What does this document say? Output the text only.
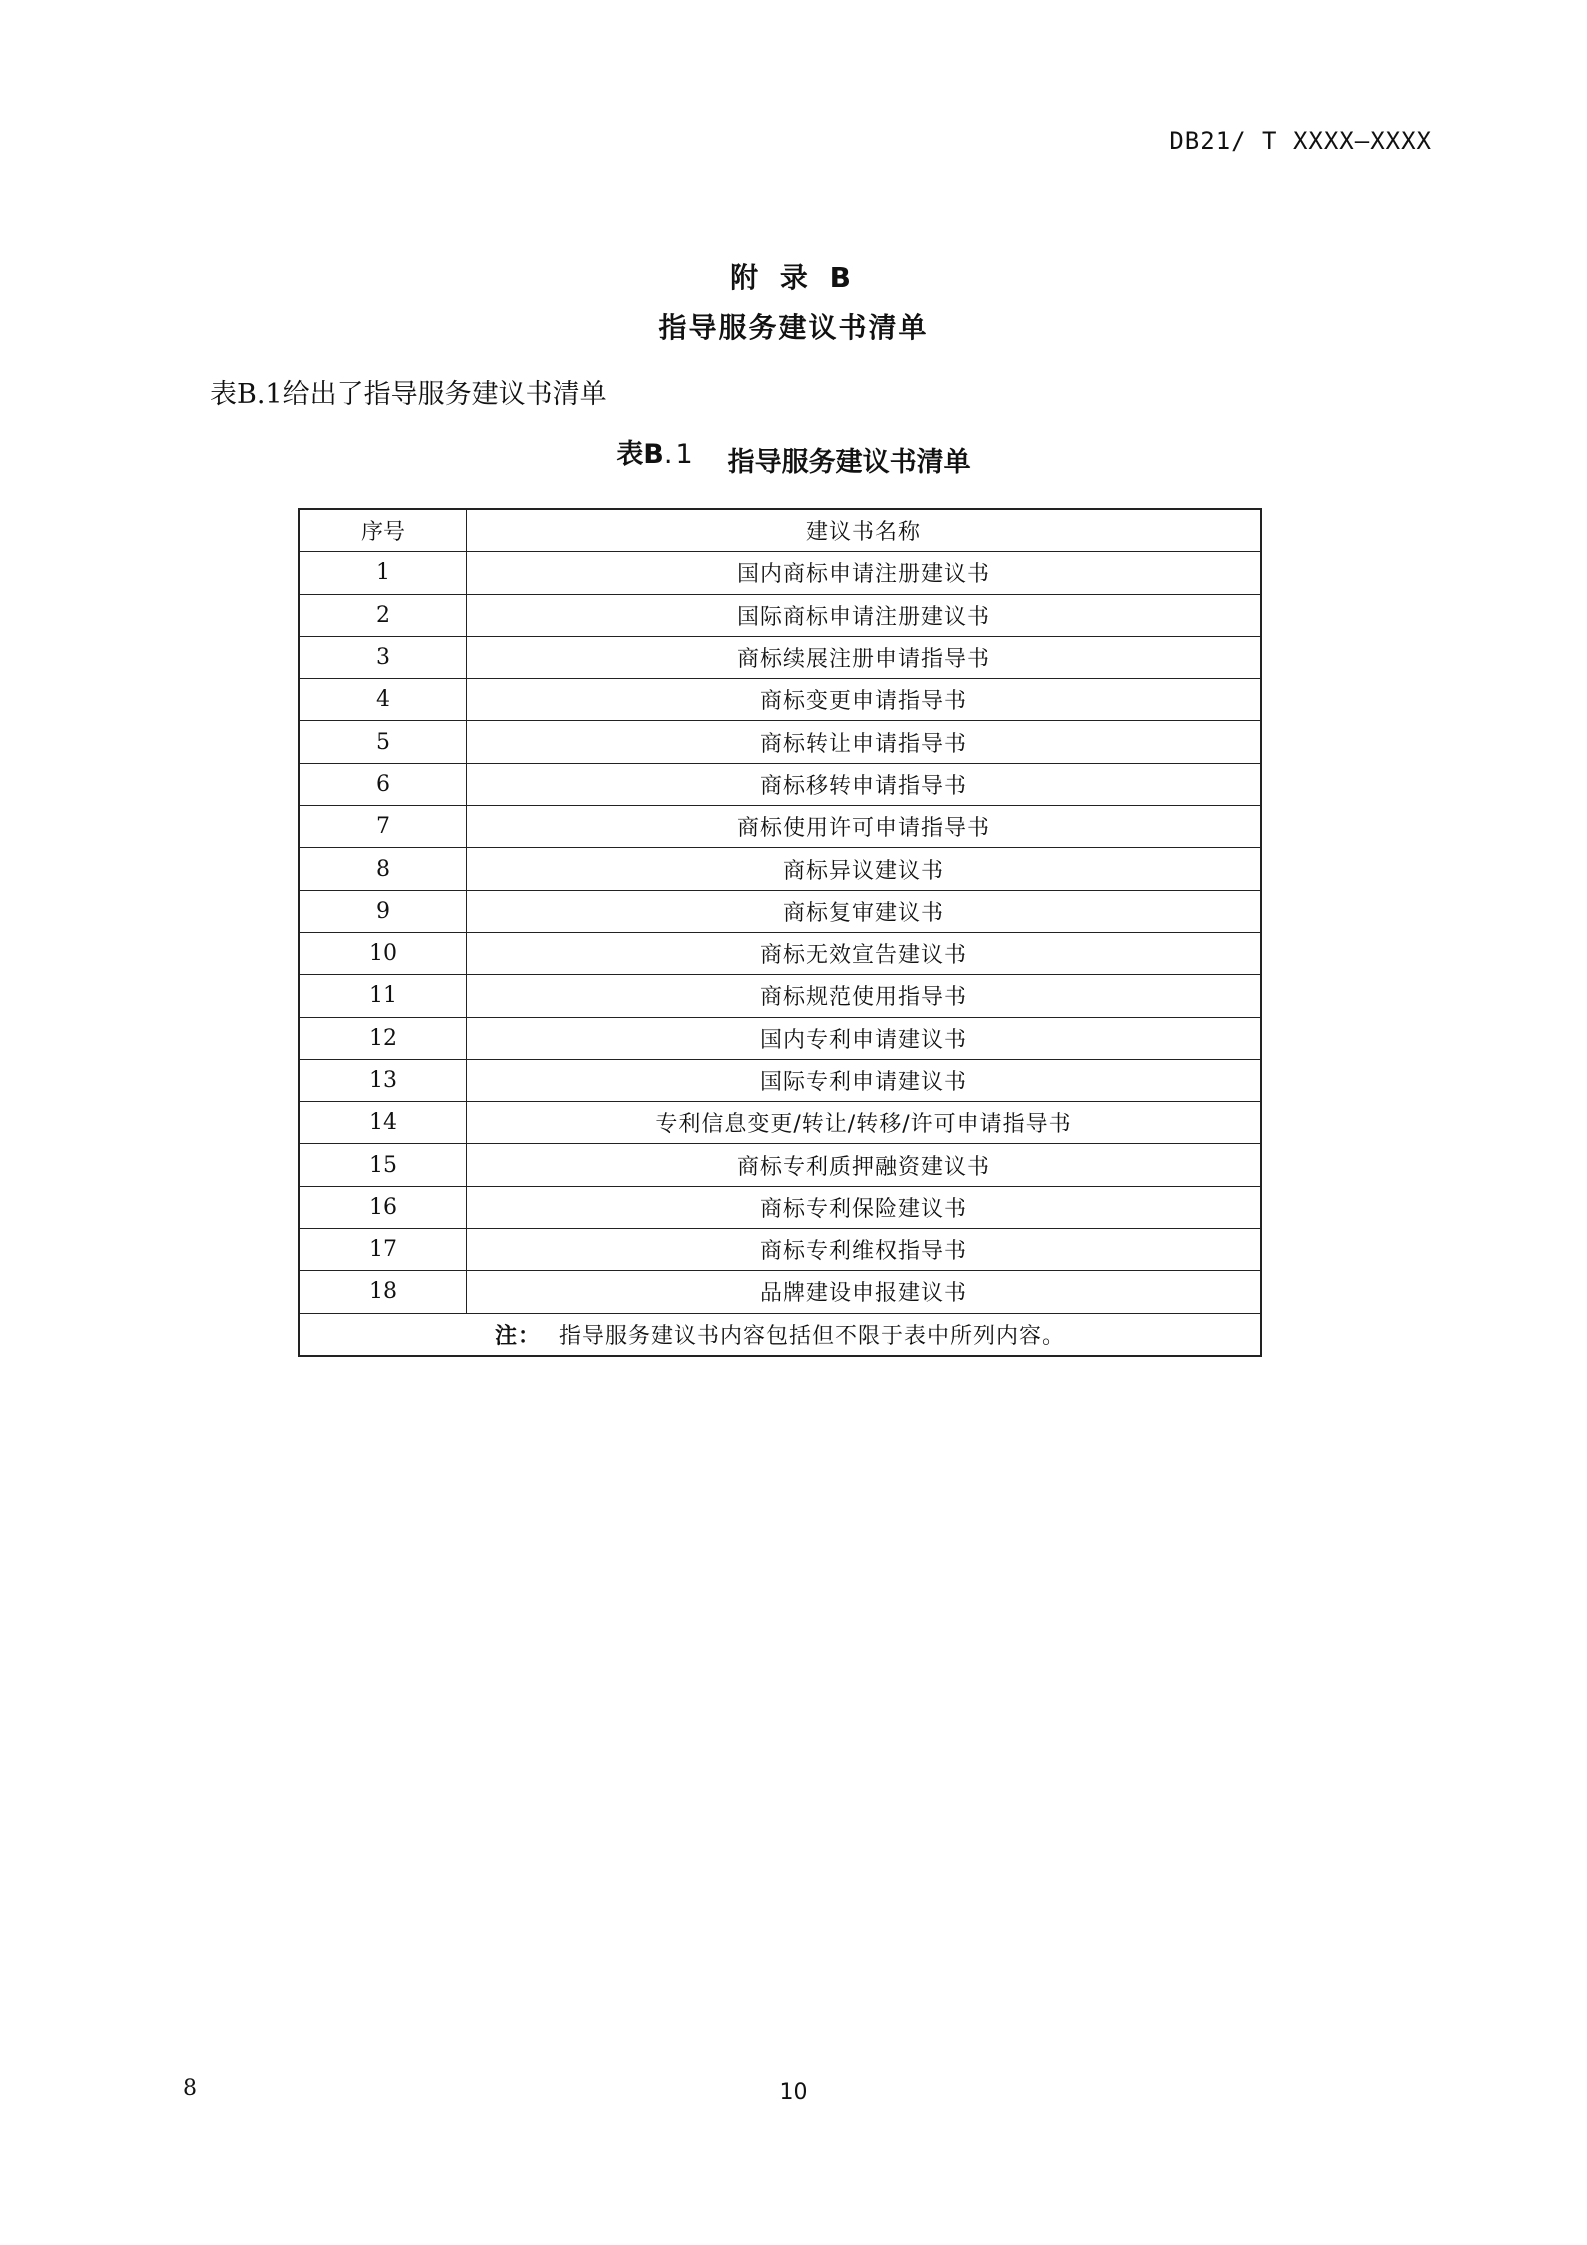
DB21/ T XXXX—XXXX
附 录 B
指导服务建议书清单
表B.1给出了指导服务建议书清单
表B.1 指导服务建议书清单
序号	建议书名称
1	国内商标申请注册建议书
2	国际商标申请注册建议书
3	商标续展注册申请指导书
4	商标变更申请指导书
5	商标转让申请指导书
6	商标移转申请指导书
7	商标使用许可申请指导书
8	商标异议建议书
9	商标复审建议书
10	商标无效宣告建议书
11	商标规范使用指导书
12	国内专利申请建议书
13	国际专利申请建议书
14	专利信息变更/转让/转移/许可申请指导书
15	商标专利质押融资建议书
16	商标专利保险建议书
17	商标专利维权指导书
18	品牌建设申报建议书
注： 指导服务建议书内容包括但不限于表中所列内容。	
8	10
